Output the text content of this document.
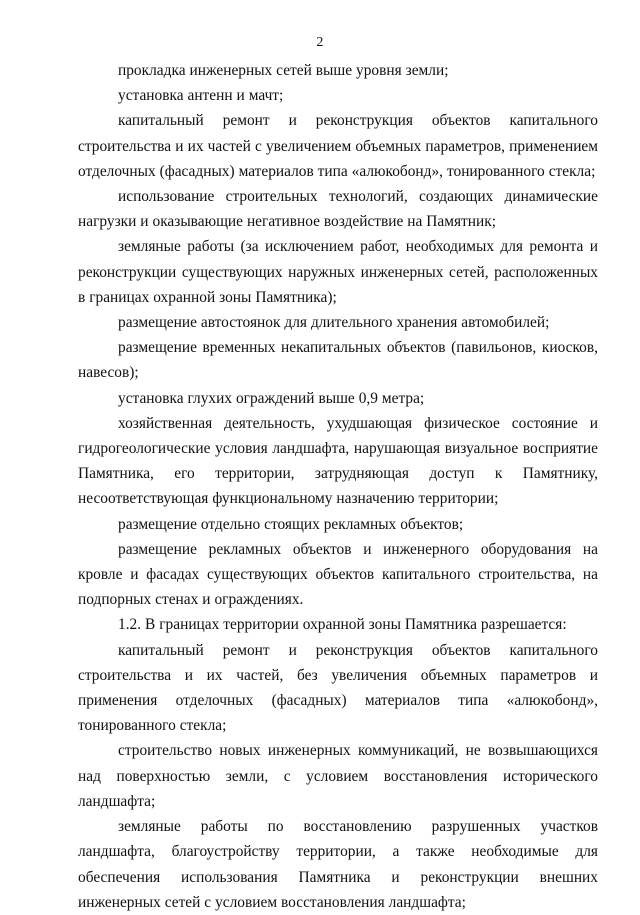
2

прокладка инженерных сетей выше уровня земли;

установка антенн и мачт;

капитальный ремонт и реконструкция объектов капитального строительства и их частей с увеличением объемных параметров, применением отделочных (фасадных) материалов типа «алюкобонд», тонированного стекла;

использование строительных технологий, создающих динамические нагрузки и оказывающие негативное воздействие на Памятник;

земляные работы (за исключением работ, необходимых для ремонта и реконструкции существующих наружных инженерных сетей, расположенных в границах охранной зоны Памятника);

размещение автостоянок для длительного хранения автомобилей;

размещение временных некапитальных объектов (павильонов, киосков, навесов);

установка глухих ограждений выше 0,9 метра;

хозяйственная деятельность, ухудшающая физическое состояние и гидрогеологические условия ландшафта, нарушающая визуальное восприятие Памятника, его территории, затрудняющая доступ к Памятнику, несоответствующая функциональному назначению территории;

размещение отдельно стоящих рекламных объектов;

размещение рекламных объектов и инженерного оборудования на кровле и фасадах существующих объектов капитального строительства, на подпорных стенах и ограждениях.

1.2. В границах территории охранной зоны Памятника разрешается:

капитальный ремонт и реконструкция объектов капитального строительства и их частей, без увеличения объемных параметров и применения отделочных (фасадных) материалов типа «алюкобонд», тонированного стекла;

строительство новых инженерных коммуникаций, не возвышающихся над поверхностью земли, с условием восстановления исторического ландшафта;

земляные работы по восстановлению разрушенных участков ландшафта, благоустройству территории, а также необходимые для обеспечения использования Памятника и реконструкции внешних инженерных сетей с условием восстановления ландшафта;
